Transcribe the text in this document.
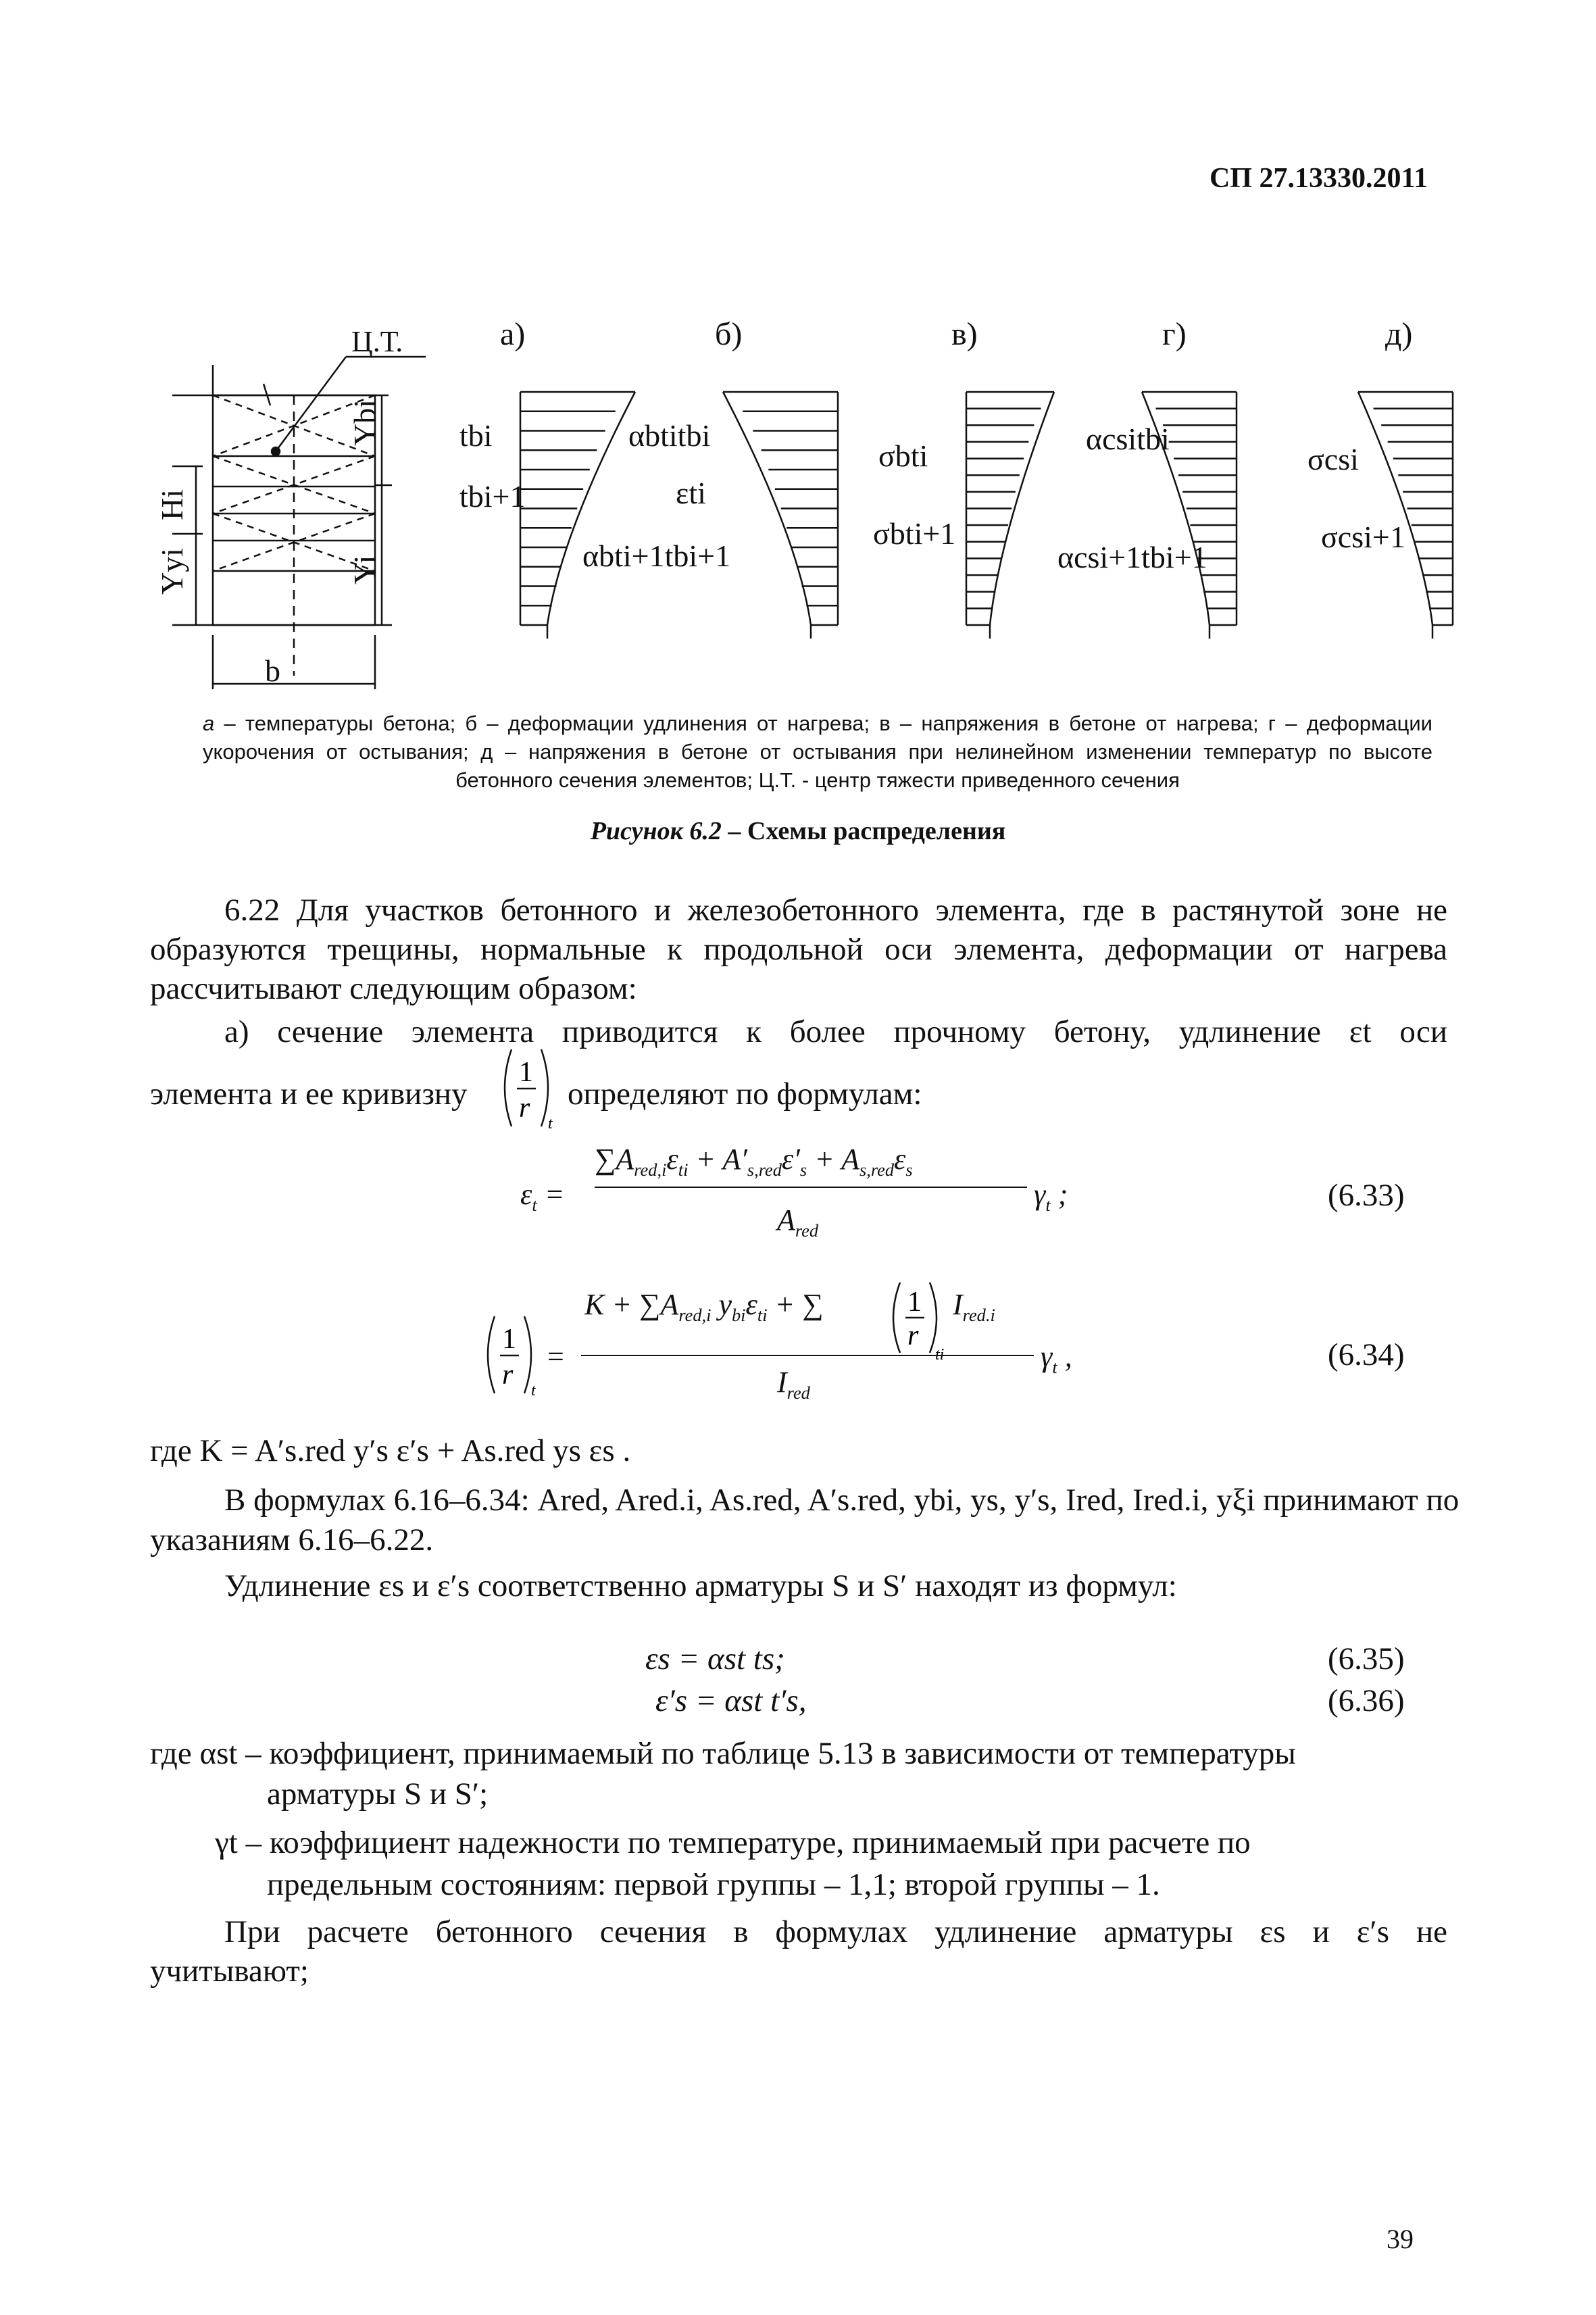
СП 27.13330.2011
Ц.Т.
Hi
Ybi
Yyi	Yi
b
а)	б)	в)	г)	д)
tbi
tbi+1
αbtitbi
εti
αbti+1tbi+1
σbti
σbti+1
αcsitbi
αcsi+1tbi+1
σcsi
σcsi+1
а – температуры бетона; б – деформации удлинения от нагрева; в – напряжения в бетоне от нагрева; г – деформации укорочения от остывания; д – напряжения в бетоне от остывания при нелинейном изменении температур по высоте бетонного сечения элементов; Ц.Т. - центр тяжести приведенного сечения
Рисунок 6.2 – Схемы распределения
6.22 Для участков бетонного и железобетонного элемента, где в растянутой зоне не образуются трещины, нормальные к продольной оси элемента, деформации от нагрева рассчитывают следующим образом:
а) сечение элемента приводится к более прочному бетону, удлинение εt оси
элемента и ее кривизну
1
r t
определяют по формулам:
$\varepsilon_t$ =
$\sum A_{red,i}\varepsilon_{ti} + A'_{s,red}\varepsilon'_s + A_{s,red}\varepsilon_s$
$A_{red}$
$\gamma_t$ ;	(6.33)
1
r t
=
$K + \sum A_{red,i}$ $y_{bi}\varepsilon_{ti}$ + ∑	1
r
ti
$I_{red.i}$
$I_{red}$
$\gamma_t$ ,	(6.34)
где K = A′s.red y′s ε′s + As.red ys εs .
В формулах 6.16–6.34: Ared, Ared.i, As.red, A′s.red, ybi, ys, y′s, Ired, Ired.i, yξi принимают по
указаниям 6.16–6.22.
Удлинение εs и ε′s соответственно арматуры S и S′ находят из формул:
εs = αst ts;	(6.35)
ε′s = αst t′s,	(6.36)
где αst – коэффициент, принимаемый по таблице 5.13 в зависимости от температуры
арматуры S и S′;
γt – коэффициент надежности по температуре, принимаемый при расчете по
предельным состояниям: первой группы – 1,1; второй группы – 1.
При расчете бетонного сечения в формулах удлинение арматуры εs и ε′s не
учитывают;
39
